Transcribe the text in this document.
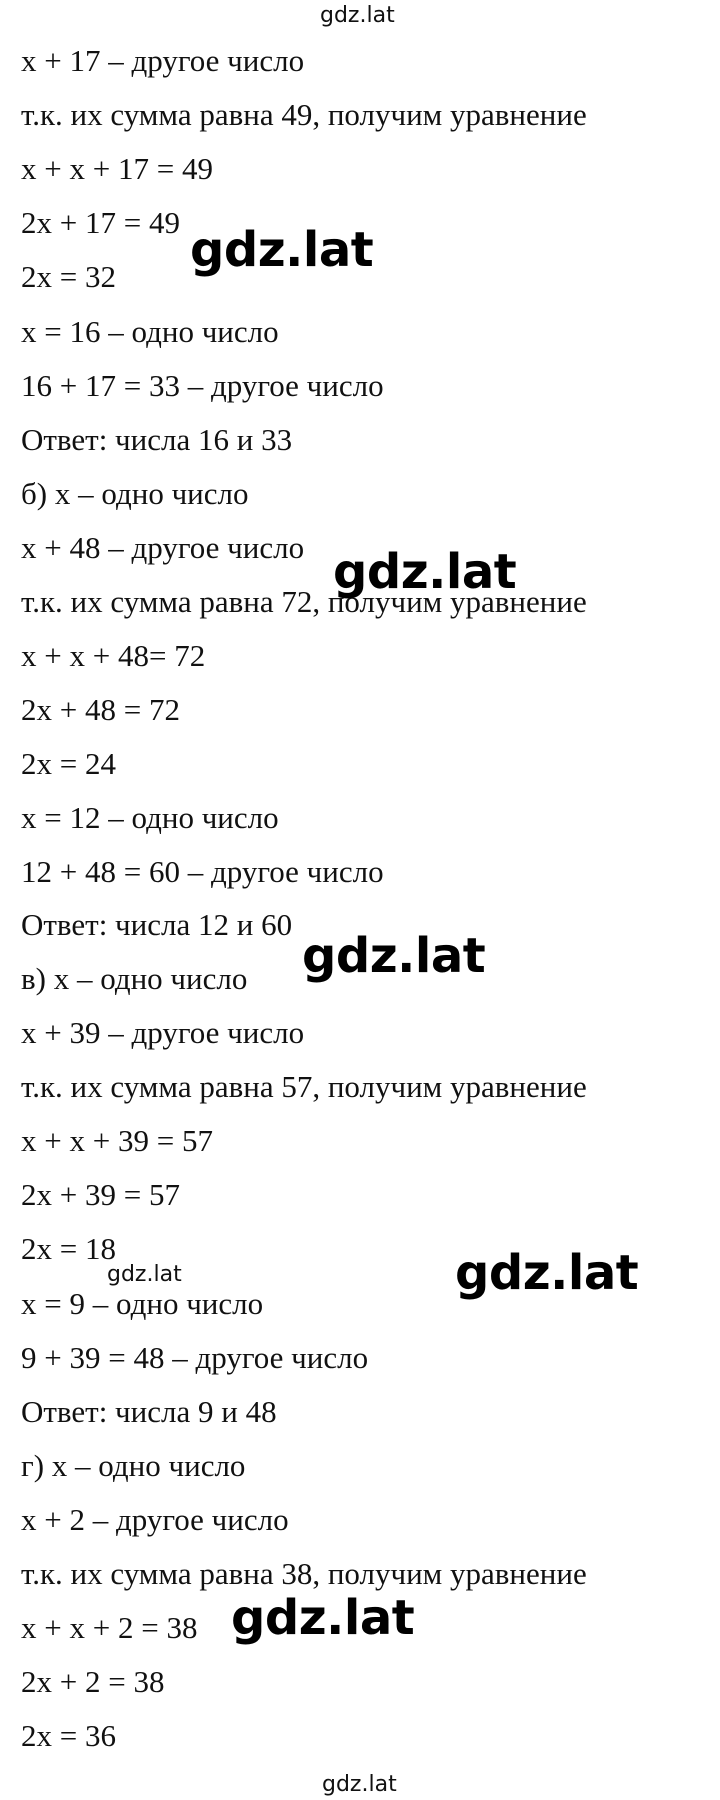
gdz.lat

x + 17 – другое число

т.к. их сумма равна 49, получим уравнение

x + x + 17 = 49

2x + 17 = 49

2x = 32

x = 16 – одно число

16 + 17 = 33 – другое число

Ответ: числа 16 и 33

б) x – одно число

x + 48 – другое число

т.к. их сумма равна 72, получим уравнение

x + x + 48= 72

2x + 48 = 72

2x = 24

x = 12 – одно число

12 + 48 = 60 – другое число

Ответ: числа 12 и 60

в) x – одно число

x + 39 – другое число

т.к. их сумма равна 57, получим уравнение

x + x + 39 = 57

2x + 39 = 57

2x = 18

x = 9 – одно число

9 + 39 = 48 – другое число

Ответ: числа 9 и 48

г) x – одно число

x + 2 – другое число

т.к. их сумма равна 38, получим уравнение

x + x + 2 = 38

2x + 2 = 38

2x = 36

gdz.lat
gdz.lat
gdz.lat
gdz.lat	gdz.lat
gdz.lat
gdz.lat
